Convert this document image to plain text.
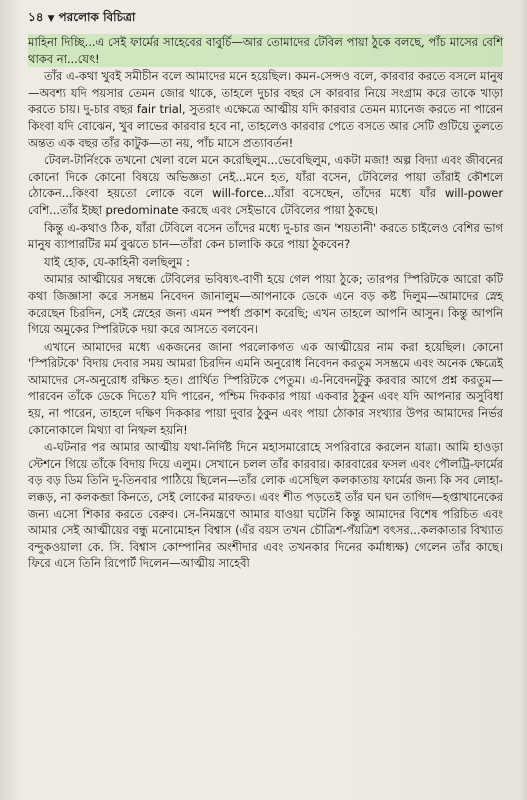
১৪ ▼ পরলোক বিচিত্রা

মাহিনা দিচ্ছি...এ সেই ফার্মের সাহেবের বাবুর্চি—আর তোমাদের টেবিল পায়া ঠুকে বলছে, পাঁচ মাসের বেশি থাকব না...যেৎ!

তাঁর এ-কথা খুবই সমীচীন বলে আমাদের মনে হয়েছিল। কমন-সেন্সও বলে, কারবার করতে বসলে মানুষ—অবশ্য যদি পয়সার তেমন জোর থাকে, তাহলে দুচার বছর সে কারবার নিয়ে সংগ্রাম করে তাকে খাড়া করতে চায়। দু-চার বছর fair trial, সুতরাং এক্ষেত্রে আত্মীয় যদি কারবার তেমন ম্যানেজ করতে না পারেন কিংবা যদি বোঝেন, খুব লাভের কারবার হবে না, তাহলেও কারবার পেতে বসতে আর সেটি গুটিয়ে তুলতে অন্তত এক বছর তাঁর কাটুক—তা নয়, পাঁচ মাসে প্রত্যাবর্তন!

টেবল-টার্নিংকে তখনো খেলা বলে মনে করেছিলুম...ভেবেছিলুম, একটা মজা! অল্প বিদ্যা এবং জীবনের কোনো দিকে কোনো বিষয়ে অভিজ্ঞতা নেই...মনে হত, যাঁরা বসেন, টেবিলের পায়া তাঁরাই কৌশলে ঠোকেন...কিংবা হয়তো লোকে বলে will-force...যাঁরা বসেছেন, তাঁদের মধ্যে যাঁর will-power বেশি...তাঁর ইচ্ছা predominate করছে এবং সেইভাবে টেবিলের পায়া ঠুকছে।

কিন্তু এ-কথাও ঠিক, যাঁরা টেবিলে বসেন তাঁদের মধ্যে দু-চার জন 'শয়তানী' করতে চাইলেও বেশির ভাগ মানুষ ব্যাপারটির মর্ম বুঝতে চান—তাঁরা কেন চালাকি করে পায়া ঠুকবেন?

যাই হোক, যে-কাহিনী বলছিলুম :

আমার আত্মীয়ের সম্বন্ধে টেবিলের ভবিষ্যৎ-বাণী হয়ে গেল পায়া ঠুকে; তারপর স্পিরিটকে আরো কটি কথা জিজ্ঞাসা করে সসম্ভ্রম নিবেদন জানালুম—আপনাকে ডেকে এনে বড় কষ্ট দিলুম—আমাদের স্নেহ করেছেন চিরদিন, সেই স্নেহের জন্য এমন স্পর্ধা প্রকাশ করেছি; এখন তাহলে আপনি আসুন। কিন্তু আপনি গিয়ে অমুকের স্পিরিটকে দয়া করে আসতে বলবেন।

এখানে আমাদের মধ্যে একজনের জানা পরলোকগত এক আত্মীয়ের নাম করা হয়েছিল। কোনো 'স্পিরিটকে' বিদায় দেবার সময় আমরা চিরদিন এমনি অনুরোধ নিবেদন করতুম সসম্ভ্রমে এবং অনেক ক্ষেত্রেই আমাদের সে-অনুরোধ রক্ষিত হত। প্রার্থিত স্পিরিটকে পেতুম। এ-নিবেদনটুকু করবার আগে প্রশ্ন করতুম—পারবেন তাঁকে ডেকে দিতে? যদি পারেন, পশ্চিম দিককার পায়া একবার ঠুকুন এবং যদি আপনার অসুবিধা হয়, না পারেন, তাহলে দক্ষিণ দিককার পায়া দুবার ঠুকুন এবং পায়া ঠোকার সংখ্যার উপর আমাদের নির্ভর কোনোকালে মিথ্যা বা নিষ্ফল হয়নি!

এ-ঘটনার পর আমার আত্মীয় যথা-নির্দিষ্ট দিনে মহাসমারোহে সপরিবারে করলেন যাত্রা। আমি হাওড়া স্টেশনে গিয়ে তাঁকে বিদায় দিয়ে এলুম। সেখানে চলল তাঁর কারবার। কারবারের ফসল এবং পৌলট্রি-ফার্মের বড় বড় ডিম তিনি দু-তিনবার পাঠিয়ে ছিলেন—তাঁর লোক এসেছিল কলকাতায় ফার্মের জন্য কি সব লোহা-লক্কড়, না কলকব্জা কিনতে, সেই লোকের মারফত। এবং শীত পড়তেই তাঁর ঘন ঘন তাগিদ—হপ্তাখানেকের জন্য এসো শিকার করতে বেরুব। সে-নিমন্ত্রণে আমার যাওয়া ঘটেনি কিন্তু আমাদের বিশেষ পরিচিত এবং আমার সেই আত্মীয়ের বন্ধু মনোমোহন বিশ্বাস (এঁর বয়স তখন চৌত্রিশ-পঁয়ত্রিশ বৎসর...কলকাতার বিখ্যাত বন্দুকওয়ালা কে. সি. বিশ্বাস কোম্পানির অংশীদার এবং তখনকার দিনের কর্মাধ্যক্ষ) গেলেন তাঁর কাছে। ফিরে এসে তিনি রিপোর্ট দিলেন—আত্মীয় সাহেবী
